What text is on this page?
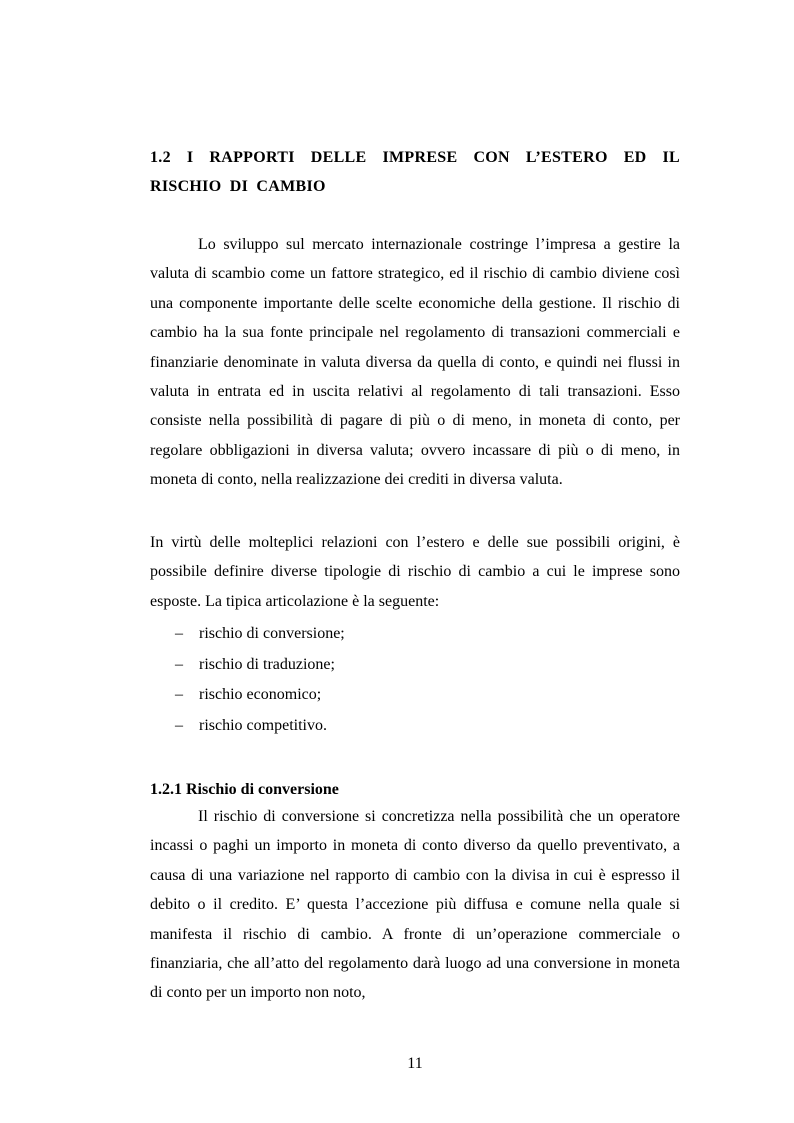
1.2 I RAPPORTI DELLE IMPRESE CON L’ESTERO ED IL RISCHIO DI CAMBIO

Lo sviluppo sul mercato internazionale costringe l’impresa a gestire la valuta di scambio come un fattore strategico, ed il rischio di cambio diviene così una componente importante delle scelte economiche della gestione. Il rischio di cambio ha la sua fonte principale nel regolamento di transazioni commerciali e finanziarie denominate in valuta diversa da quella di conto, e quindi nei flussi in valuta in entrata ed in uscita relativi al regolamento di tali transazioni. Esso consiste nella possibilità di pagare di più o di meno, in moneta di conto, per regolare obbligazioni in diversa valuta; ovvero incassare di più o di meno, in moneta di conto, nella realizzazione dei crediti in diversa valuta.

In virtù delle molteplici relazioni con l’estero e delle sue possibili origini, è possibile definire diverse tipologie di rischio di cambio a cui le imprese sono esposte. La tipica articolazione è la seguente:

– rischio di conversione;
– rischio di traduzione;
– rischio economico;
– rischio competitivo.
1.2.1 Rischio di conversione

Il rischio di conversione si concretizza nella possibilità che un operatore incassi o paghi un importo in moneta di conto diverso da quello preventivato, a causa di una variazione nel rapporto di cambio con la divisa in cui è espresso il debito o il credito. E’ questa l’accezione più diffusa e comune nella quale si manifesta il rischio di cambio. A fronte di un’operazione commerciale o finanziaria, che all’atto del regolamento darà luogo ad una conversione in moneta di conto per un importo non noto,

11
